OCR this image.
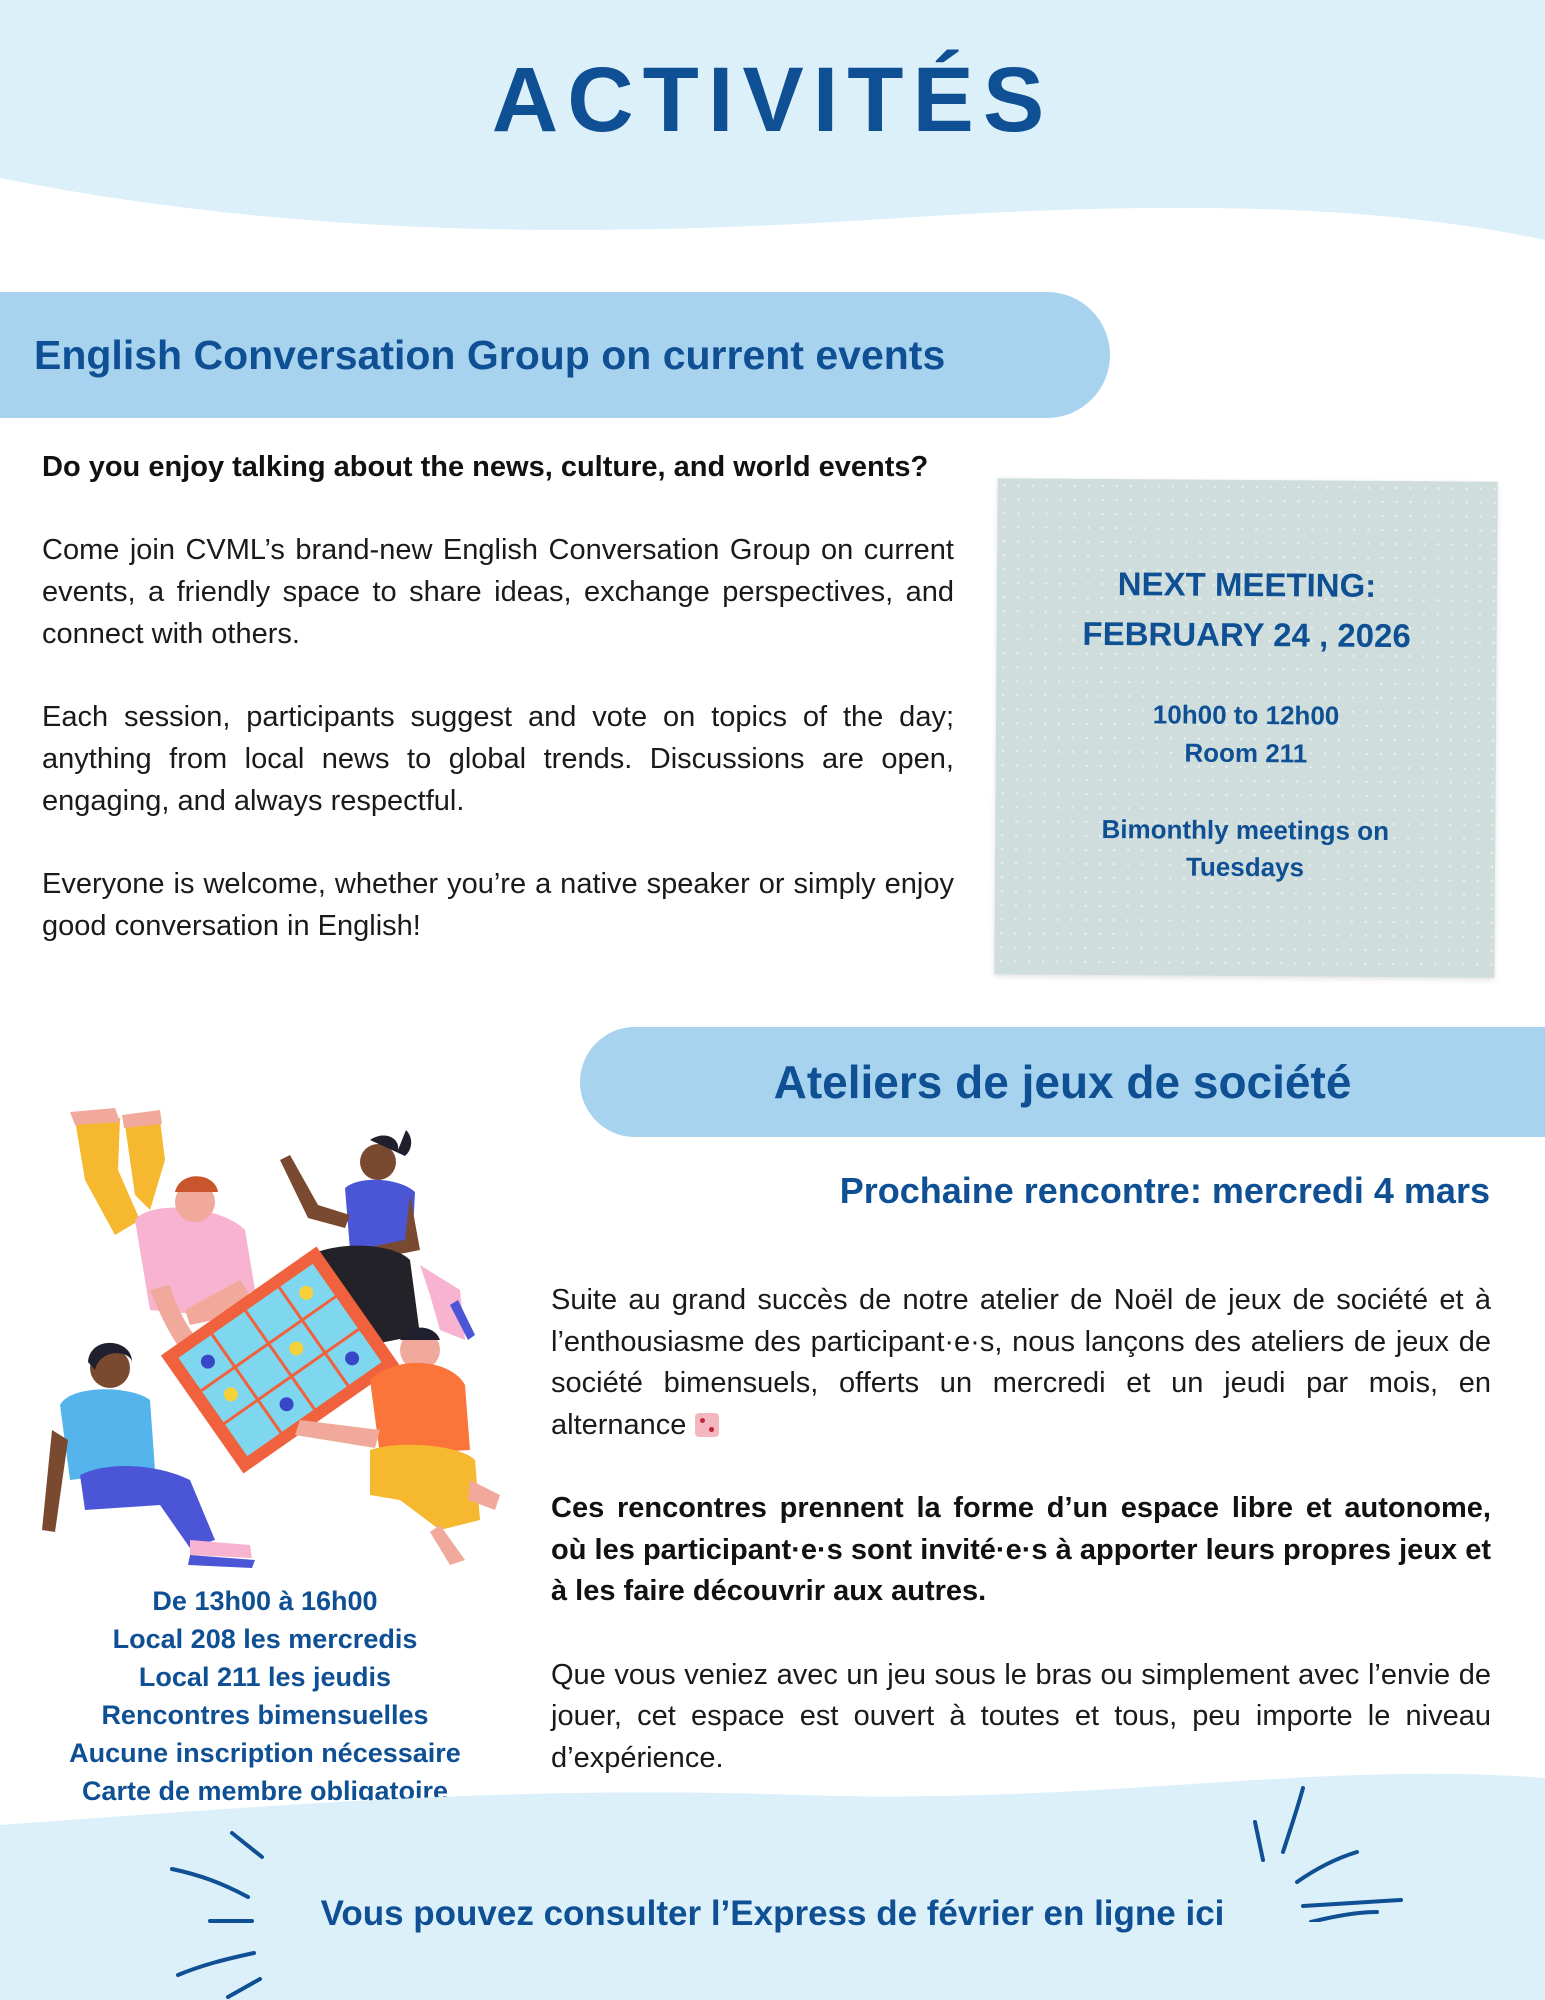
ACTIVITÉS
English Conversation Group on current events

Do you enjoy talking about the news, culture, and world events?

Come join CVML’s brand-new English Conversation Group on current events, a friendly space to share ideas, exchange perspectives, and connect with others.

Each session, participants suggest and vote on topics of the day; anything from local news to global trends. Discussions are open, engaging, and always respectful.

Everyone is welcome, whether you’re a native speaker or simply enjoy good conversation in English!

NEXT MEETING:
FEBRUARY 24 , 2026
10h00 to 12h00
Room 211
Bimonthly meetings on
Tuesdays
Ateliers de jeux de société
Prochaine rencontre: mercredi 4 mars

Suite au grand succès de notre atelier de Noël de jeux de société et à l’enthousiasme des participant·e·s, nous lançons des ateliers de jeux de société bimensuels, offerts un mercredi et un jeudi par mois, en alternance

Ces rencontres prennent la forme d’un espace libre et autonome, où les participant·e·s sont invité·e·s à apporter leurs propres jeux et à les faire découvrir aux autres.

Que vous veniez avec un jeu sous le bras ou simplement avec l’envie de jouer, cet espace est ouvert à toutes et tous, peu importe le niveau d’expérience.

De 13h00 à 16h00
Local 208 les mercredis
Local 211 les jeudis
Rencontres bimensuelles
Aucune inscription nécessaire
Carte de membre obligatoire
Vous pouvez consulter l’Express de février en ligne ici
